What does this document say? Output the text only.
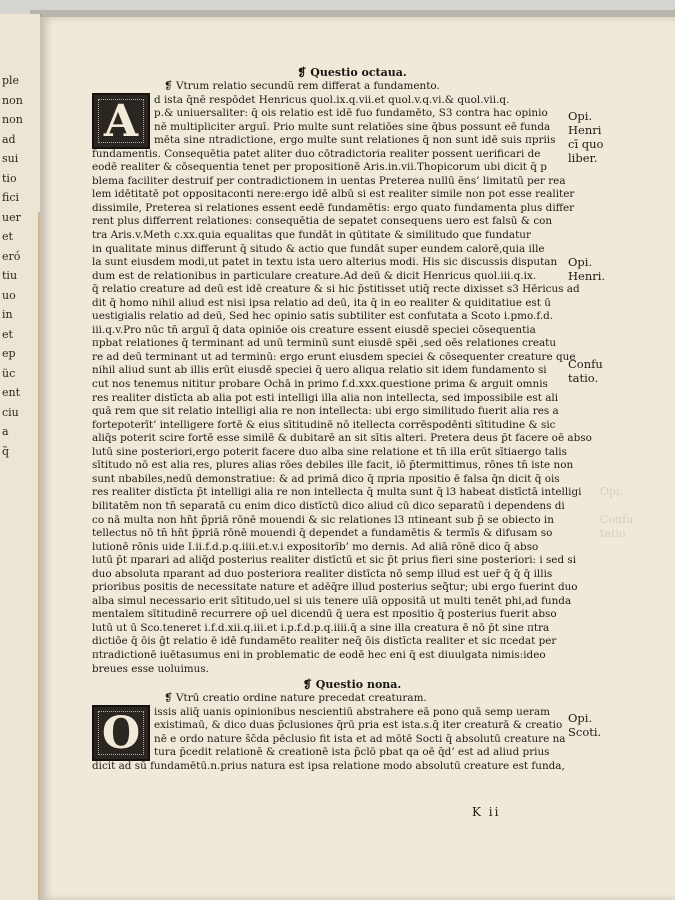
ple
non
non
ad
sui
tio
fici
uer
et
eró
tiu
uo
in
et
ep
üc
ent
ciu
a
q̃
Opi.

Confu
tatio.

❡ Questio octaua.

A

❡ Vtrum relatio secundũ rem differat a fundamento.

d ista q̄nē respōdet Henricus quol.ix.q.vii.et quol.v.q.vi.& quol.vii.q.

p.& uniuersaliter: q̄ ois relatio est idē fuo fundamēto, S3 contra hac opinio

nē multipliciter arguī. Prio multe sunt relatiōes sine q̄bus possunt eē funda

mēta sine πtradictione, ergo multe sunt relationes q̄ non sunt idē suis πpriis

fundamentis. Consequētia patet aliter duo cōtradictoria realiter possent uerificari de

eodē realiter & cōsequentia tenet per propositionē Aris.in.vii.Thopicorum ubi dicit q̄ p

blema faciliter destruif per contradictionem in uentas Preterea nullū ēns’ limitatū per rea

lem idētitatē pot oppositaconti nere:ergo idē albū si est realiter simile non pot esse realiter

dissimile, Preterea si relationes essent eedē fundamētis: ergo quato fundamenta plus differ

rent plus differrent relationes: consequētia de sepatet consequens uero est falsū & con

tra Aris.v.Meth c.xx.quia equalitas que fundāt in qūtitate & similitudo que fundatur

in qualitate minus differunt q̄ situdo & actio que fundāt super eundem calorē,quia ille

la sunt eiusdem modi,ut patet in textu ista uero alterius modi. His sic discussis disputan

dum est de relationibus in particulare creature.Ad deū & dicit Henricus quol.iii.q.ix.

q̄ relatio creature ad deū est idē creature & si hic p̄stitisset utiq̄ recte dixisset s3 Hēricus ad

dit q̄ homo nihil aliud est nisi ipsa relatio ad deū, ita q̄ in eo realiter & quiditatiue est ū

uestigialis relatio ad deū, Sed hec opinio satis subtiliter est confutata a Scoto i.pmo.f.d.

iii.q.v.Pro nūc tn̄ arguī q̄ data opiniōe ois creature essent eiusdē speciei cōsequentia

πpbat̄ relationes q̄ terminant̄ ad unū terminū sunt eiusdē spēi ,sed oēs relationes creatu

re ad deū terminant̄ ut ad terminū: ergo erunt eiusdem speciei & cōsequenter creature que

nihil aliud sunt ab illis erūt eiusdē speciei q̄ uero aliqua relatio sit idem fundamento si

cut nos tenemus nititur probare Ochā in primo f.d.xxx.questione prima & arguit omnis

res realiter distīcta ab alia pot esti intelligi illa alia non intellecta, sed impossibile est ali

quā rem que sit relatio intelligi alia re non intellecta: ubi ergo similitudo fuerit alia res a

fortepoterīt’ intelligere fortē & eius sītitudinē nō itellecta corrēspodēnti sītitudine & sic

aliq̄s poterit scire fortē esse similē & dubitarē an sit sītis alteri. Pretera deus p̄t facere oē abso

lutū sine posteriori,ergo poterit facere duo alba sine relatione et tn̄ illa erūt sītiaergo talis

sītitudo nō est alia res, plures alias rōes debiles ille facit, iō p̄termittimus, rōnes tn̄ iste non

sunt πbabiles,nedū demonstratiue: & ad primā dico q̄ πpria πpositio ē falsa q̄n dicit q̄ ois

res realiter distīcta p̄t intelligi alia re non intellecta q̄ multa sunt q̄ l3 habeat distīctā intelligi

bilitatēm non tn̄ separatā cu enim dico distīctū dico aliud cū dico separatū i dependens di

co nā multa non hn̄t p̄priā rōnē mouendi & sic relationes l3 πtineant sub p̄ se obiecto in

tellectus nō tn̄ hn̄t p̄priā rōnē mouendi q̄ dependet a fundamētis & termīs & difusam so

lutionē rōnis uide I.ii.f.d.p.q.iiii.et.v.i expositorīb’ mo dernis. Ad aliā rōnē dico q̄ abso

lutū p̄t πparari ad aliq̄d posterius realiter distīctū et sic p̄t prius fieri sine posteriori: i sed si

duo absoluta πparant̄ ad duo posteriora realiter distīcta nō semp illud est uer̄ q̄ q̄ q̄ illis

prioribus positis de necessitate nature et adēq̄re illud posterius seq̄̄tur; ubi ergo fuerint duo

alba simul necessario erit sītitudo,uel si uis tenere uīā oppositā ut multi tenēt phi,ad funda

mentalem sītitudinē recurrere op̄ uel dicendū q̄ uera est πpositio q̄ posterius fuerit abso

lutū ut ū Sco.teneret i.f.d.xii.q.iii.et i.p.f.d.p.q.iiii.q̄ a sine illa creatura ē nō p̄t sine πtra

dictiōe q̄ ōis ḡt relatio ē idē fundamēto realiter neq̄ ōis distīcta realiter et sic πcedat per

πtradictionē iuētasumus eni in problematic de eodē hec eni q̄ est diuulgata nimis:ideo

breues esse uoluimus.

❡ Questio nona.

O

❡ Vtrū creatio ordine nature precedat creaturam.

issis aliq̄ uanis opinionibus nescientiū abstrahere eā pono quā semp ueram

existimaū, & dico duas p̄clusiones q̄rū pria est ista.s.q̄ iter creaturā & creatio

nē e ordo nature s̄c̄da pēclusio fit ista et ad mōtē Socti q̄ absolutū creature na

tura p̄cedit relationē & creationē ista p̄clō pbat̄ qa oē q̄d’ est ad aliud prius

dicit̄ ad sū fundamētū.n.prius natura est ipsa relatione modo absolutū creature est funda,

Opi.
Henri
cī quo
liber.
Opi.
Henri.
Confu
tatio.
Opi.
Scoti.
K ii
